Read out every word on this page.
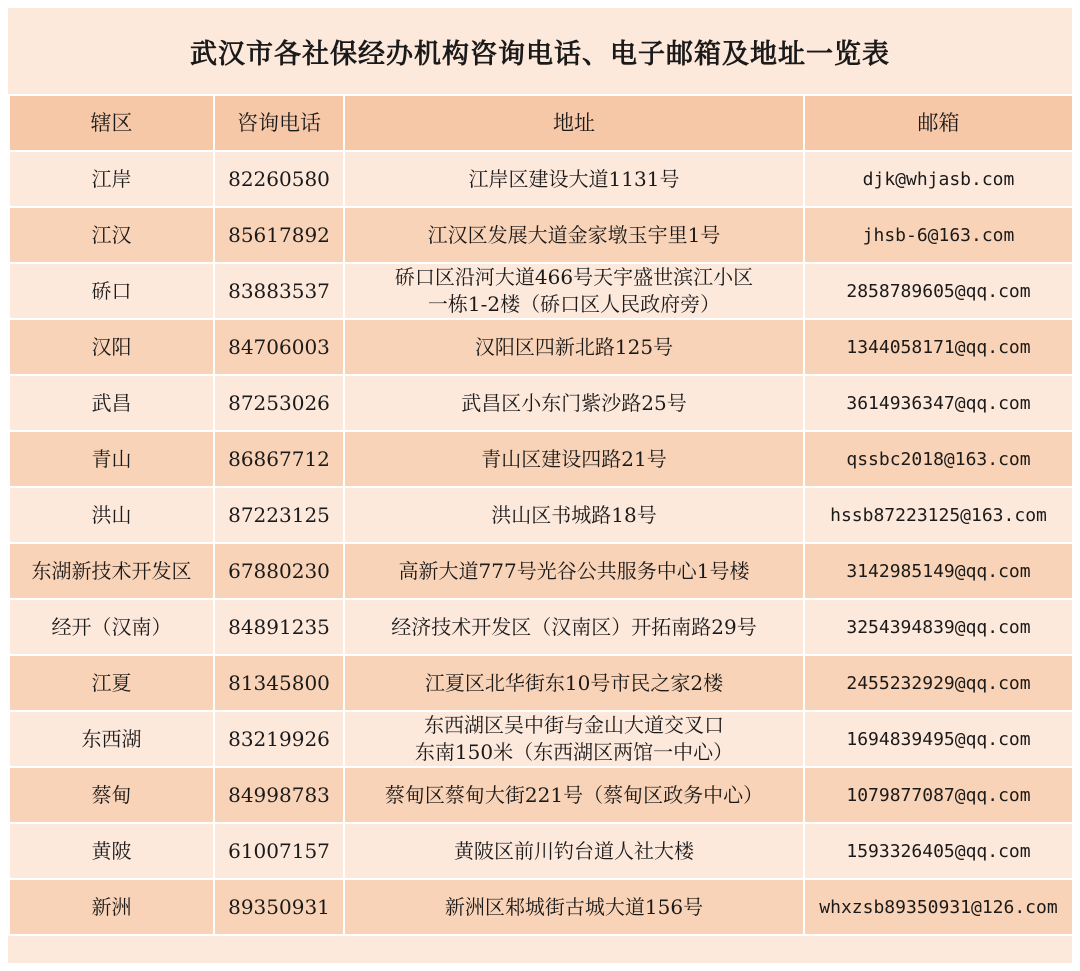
武汉市各社保经办机构咨询电话、电子邮箱及地址一览表
辖区	咨询电话	地址	邮箱
江岸	82260580	江岸区建设大道1131号	djk@whjasb.com
江汉	85617892	江汉区发展大道金家墩玉宇里1号	jhsb-6@163.com
硚口	83883537	硚口区沿河大道466号天宇盛世滨江小区
一栋1-2楼（硚口区人民政府旁）	2858789605@qq.com
汉阳	84706003	汉阳区四新北路125号	1344058171@qq.com
武昌	87253026	武昌区小东门紫沙路25号	3614936347@qq.com
青山	86867712	青山区建设四路21号	qssbc2018@163.com
洪山	87223125	洪山区书城路18号	hssb87223125@163.com
东湖新技术开发区	67880230	高新大道777号光谷公共服务中心1号楼	3142985149@qq.com
经开（汉南）	84891235	经济技术开发区（汉南区）开拓南路29号	3254394839@qq.com
江夏	81345800	江夏区北华街东10号市民之家2楼	2455232929@qq.com
东西湖	83219926	东西湖区吴中街与金山大道交叉口
东南150米（东西湖区两馆一中心）	1694839495@qq.com
蔡甸	84998783	蔡甸区蔡甸大街221号（蔡甸区政务中心）	1079877087@qq.com
黄陂	61007157	黄陂区前川钓台道人社大楼	1593326405@qq.com
新洲	89350931	新洲区邾城街古城大道156号	whxzsb89350931@126.com
